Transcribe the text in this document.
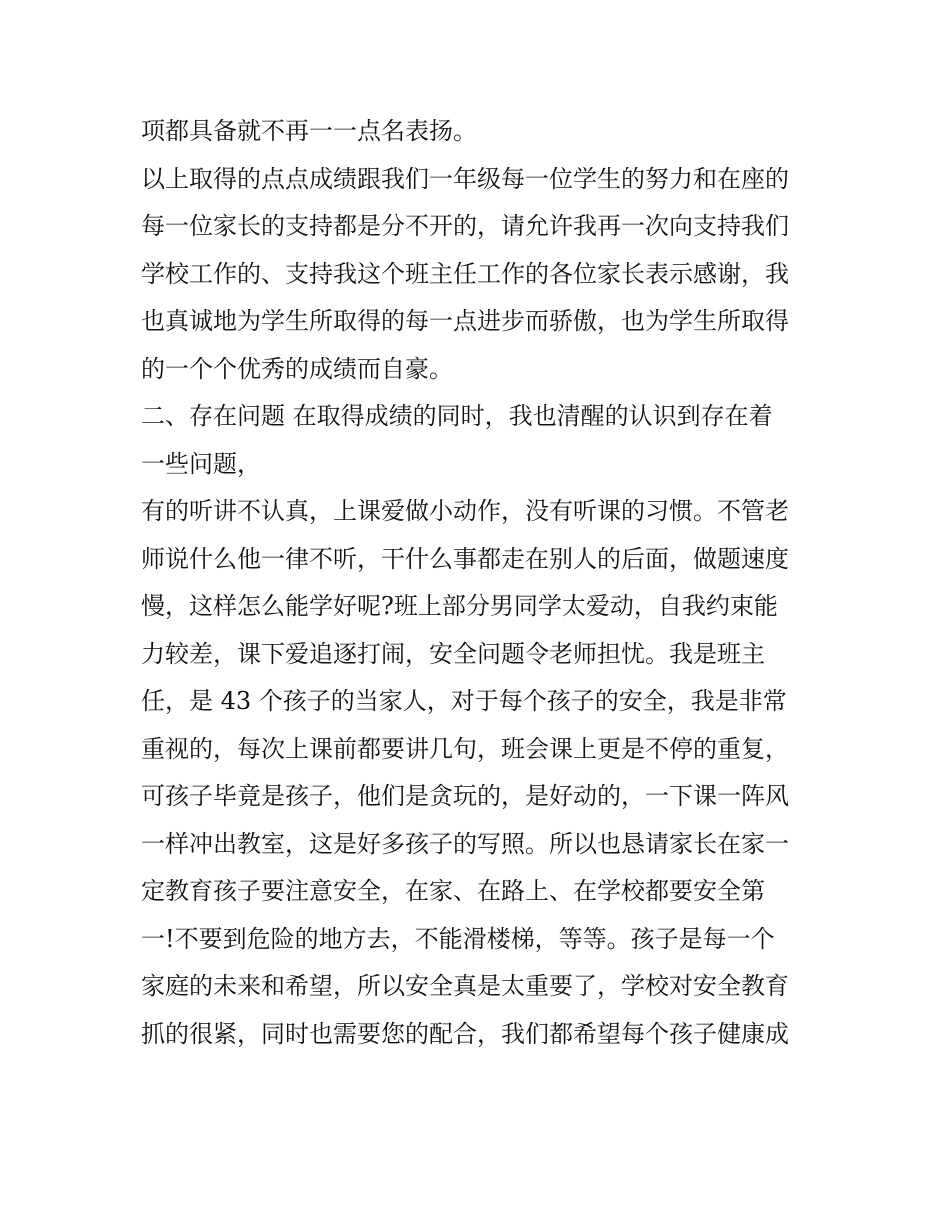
项都具备就不再一一点名表扬。
以上取得的点点成绩跟我们一年级每一位学生的努力和在座的
每一位家长的支持都是分不开的，请允许我再一次向支持我们
学校工作的、支持我这个班主任工作的各位家长表示感谢，我
也真诚地为学生所取得的每一点进步而骄傲，也为学生所取得
的一个个优秀的成绩而自豪。
二、存在问题 在取得成绩的同时，我也清醒的认识到存在着
一些问题，
有的听讲不认真，上课爱做小动作，没有听课的习惯。不管老
师说什么他一律不听，干什么事都走在别人的后面，做题速度
慢，这样怎么能学好呢?班上部分男同学太爱动，自我约束能
力较差，课下爱追逐打闹，安全问题令老师担忧。我是班主
任，是 43 个孩子的当家人，对于每个孩子的安全，我是非常
重视的，每次上课前都要讲几句，班会课上更是不停的重复，
可孩子毕竟是孩子，他们是贪玩的，是好动的，一下课一阵风
一样冲出教室，这是好多孩子的写照。所以也恳请家长在家一
定教育孩子要注意安全，在家、在路上、在学校都要安全第
一!不要到危险的地方去，不能滑楼梯，等等。孩子是每一个
家庭的未来和希望，所以安全真是太重要了，学校对安全教育
抓的很紧，同时也需要您的配合，我们都希望每个孩子健康成
